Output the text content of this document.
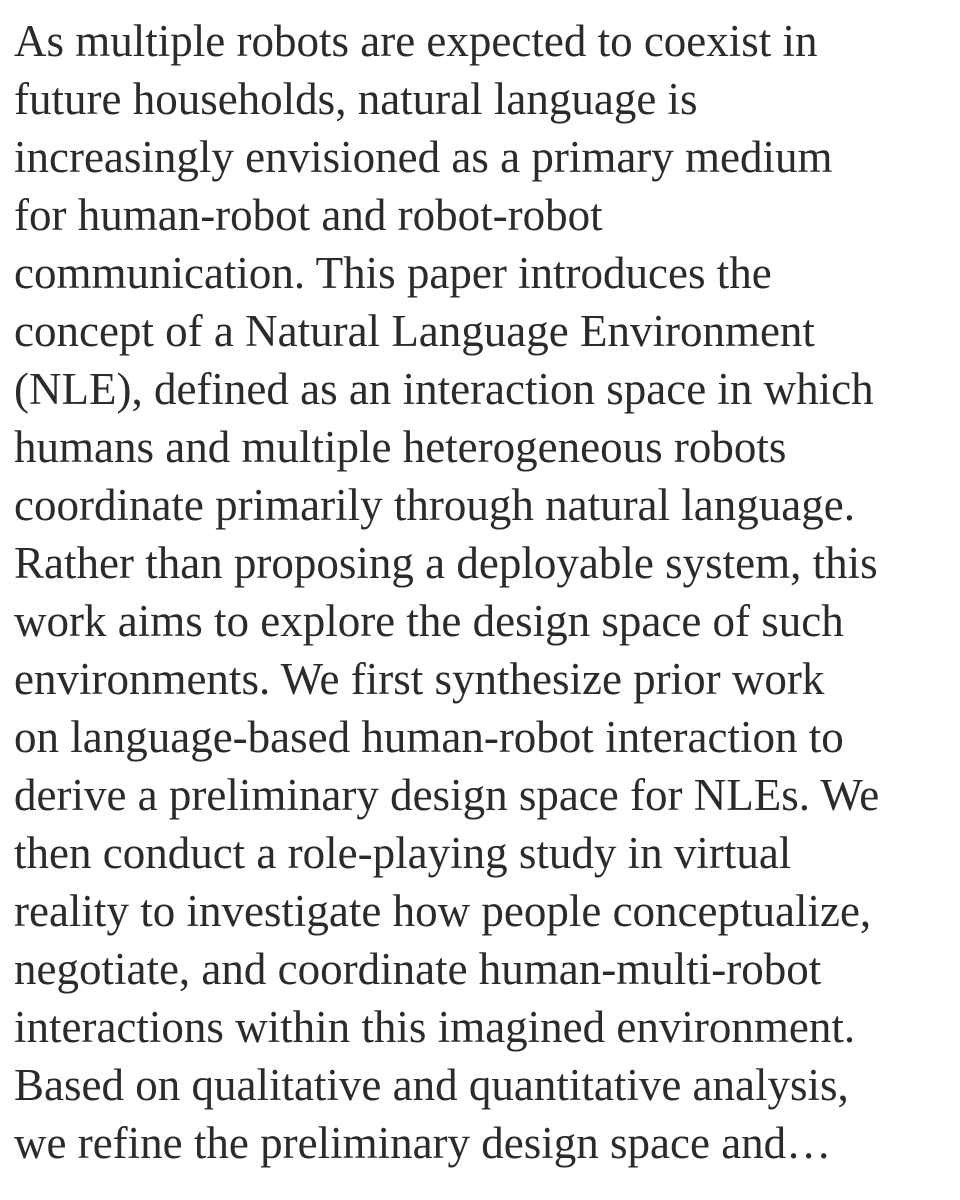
As multiple robots are expected to coexist in
future households, natural language is
increasingly envisioned as a primary medium
for human-robot and robot-robot
communication. This paper introduces the
concept of a Natural Language Environment
(NLE), defined as an interaction space in which
humans and multiple heterogeneous robots
coordinate primarily through natural language.
Rather than proposing a deployable system, this
work aims to explore the design space of such
environments. We first synthesize prior work
on language-based human-robot interaction to
derive a preliminary design space for NLEs. We
then conduct a role-playing study in virtual
reality to investigate how people conceptualize,
negotiate, and coordinate human-multi-robot
interactions within this imagined environment.
Based on qualitative and quantitative analysis,
we refine the preliminary design space and…
